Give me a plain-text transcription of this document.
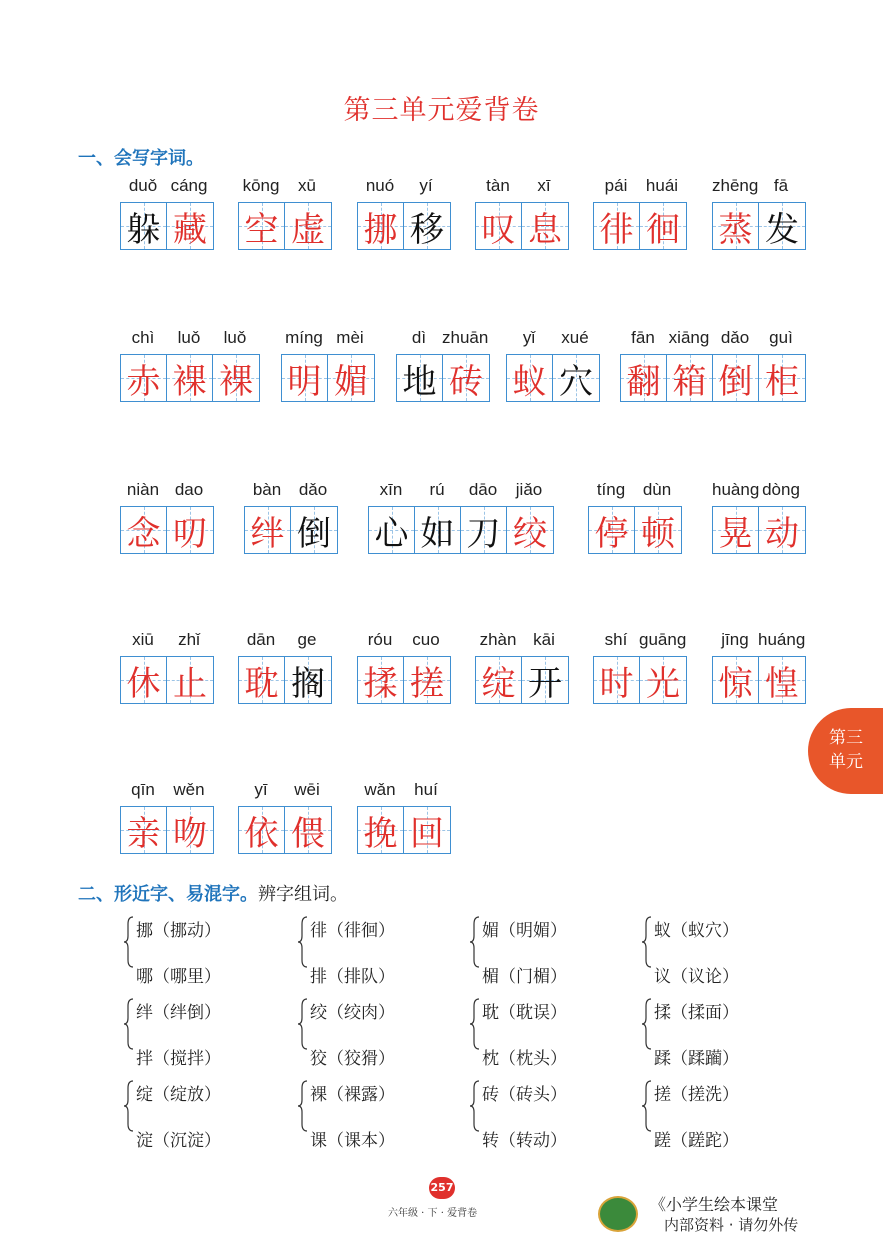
第三单元爱背卷
一、会写字词。
duǒ cáng
躲 藏
kōng	xū
空 虚
nuó	yí
挪 移
tàn	xī
叹 息
pái	huái
徘 徊
zhēng fā
蒸 发
chì	luǒ	luǒ
赤 裸 裸
míng mèi
明 媚
dì zhuān
地 砖
yǐ	xué
蚁 穴
fān xiāng dǎo	guì
翻 箱 倒 柜
niàn dao
念 叨
bàn	dǎo
绊 倒
xīn	rú	dāo	jiǎo
心 如 刀 绞
tíng	dùn
停 顿
huàng dòng
晃 动
xiū	zhǐ
休 止
dān	ge
耽 搁
róu	cuo
揉 搓
zhàn kāi
绽 开
shí guāng
时 光
jīng huáng
惊 惶
qīn	wěn
亲 吻
yī	wēi
依 偎
wǎn	huí
挽 回
二、形近字、易混字。辨字组词。
挪（挪动）
哪（哪里）
徘（徘徊）
排（排队）
媚（明媚）
楣（门楣）
蚁（蚁穴）
议（议论）
绊（绊倒）
拌（搅拌）
绞（绞肉）
狡（狡猾）
耽（耽误）
枕（枕头）
揉（揉面）
蹂（蹂躏）
绽（绽放）
淀（沉淀）
裸（裸露）
课（课本）
砖（砖头）
转（转动）
搓（搓洗）
蹉（蹉跎）
第三
单元
257
六年级 · 下 · 爱背卷	《小学生绘本课堂
内部资料 · 请勿外传
